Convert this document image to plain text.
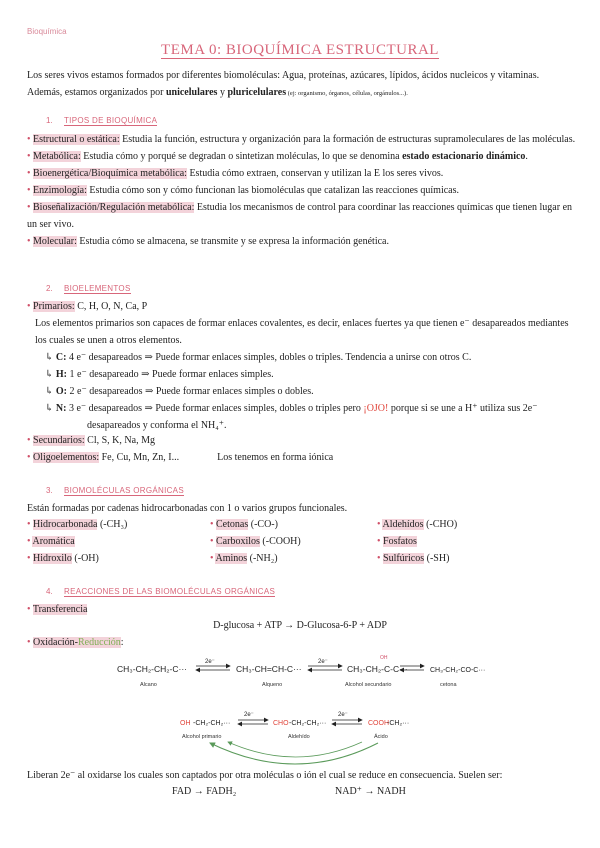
Bioquímica
TEMA 0: BIOQUÍMICA ESTRUCTURAL
Los seres vivos estamos formados por diferentes biomoléculas: Agua, proteínas, azúcares, lípidos, ácidos nucleicos y vitaminas.
Además, estamos organizados por unicelulares y pluricelulares (ej: organismo, órganos, células, orgánulos...).
1. TIPOS DE BIOQUÍMICA
• Estructural o estática: Estudia la función, estructura y organización para la formación de estructuras supramoleculares de las moléculas.
• Metabólica: Estudia cómo y porqué se degradan o sintetizan moléculas, lo que se denomina estado estacionario dinámico.
• Bioenergética/Bioquímica metabólica: Estudia cómo extraen, conservan y utilizan la E los seres vivos.
• Enzimología: Estudia cómo son y cómo funcionan las biomoléculas que catalizan las reacciones químicas.
• Bioseñalización/Regulación metabólica: Estudia los mecanismos de control para coordinar las reacciones químicas que tienen lugar en un ser vivo.
• Molecular: Estudia cómo se almacena, se transmite y se expresa la información genética.
2. BIOELEMENTOS
• Primarios: C, H, O, N, Ca, P
Los elementos primarios son capaces de formar enlaces covalentes, es decir, enlaces fuertes ya que tienen e⁻ desapareados mediantes los cuales se unen a otros elementos.
↳ C: 4 e⁻ desapareados ⇒ Puede formar enlaces simples, dobles o triples. Tendencia a unirse con otros C.
↳ H: 1 e⁻ desapareado ⇒ Puede formar enlaces simples.
↳ O: 2 e⁻ desapareados ⇒ Puede formar enlaces simples o dobles.
↳ N: 3 e⁻ desapareados ⇒ Puede formar enlaces simples, dobles o triples pero ¡OJO! porque si se une a H⁺ utiliza sus 2e⁻
desapareados y conforma el NH₄⁺.
• Secundarios: Cl, S, K, Na, Mg
• Oligoelementos: Fe, Cu, Mn, Zn, I...	Los tenemos en forma iónica
3. BIOMOLÉCULAS ORGÁNICAS
Están formadas por cadenas hidrocarbonadas con 1 o varios grupos funcionales.
• Hidrocarbonada (-CH₃)	• Cetonas (-CO-)	• Aldehídos (-CHO)
• Aromática	• Carboxilos (-COOH)	• Fosfatos
• Hidroxilo (-OH)	• Aminos (-NH₂)	• Sulfúricos (-SH)
4. REACCIONES DE LAS BIOMOLÉCULAS ORGÁNICAS
• Transferencia
D-glucosa + ATP → D-Glucosa-6-P + ADP
• Oxidación-Reducción:
CH₃-CH₂-CH₂-C···
Alcano
2e⁻
CH₃-CH=CH-C···
Alqueno
2e⁻
CH₃-CH₂-C-C···
OH
Alcohol secundario
CH₃-CH₂-CO-C···
cetona
OH -CH₂-CH₂···
Alcohol primario
2e⁻
CHO -CH₂-CH₂···
Aldehído
2e⁻
COOH
-CH₂···
Ácido
Liberan 2e⁻ al oxidarse los cuales son captados por otra moléculas o ión el cual se reduce en consecuencia. Suelen ser:
FAD → FADH₂	NAD⁺ → NADH
